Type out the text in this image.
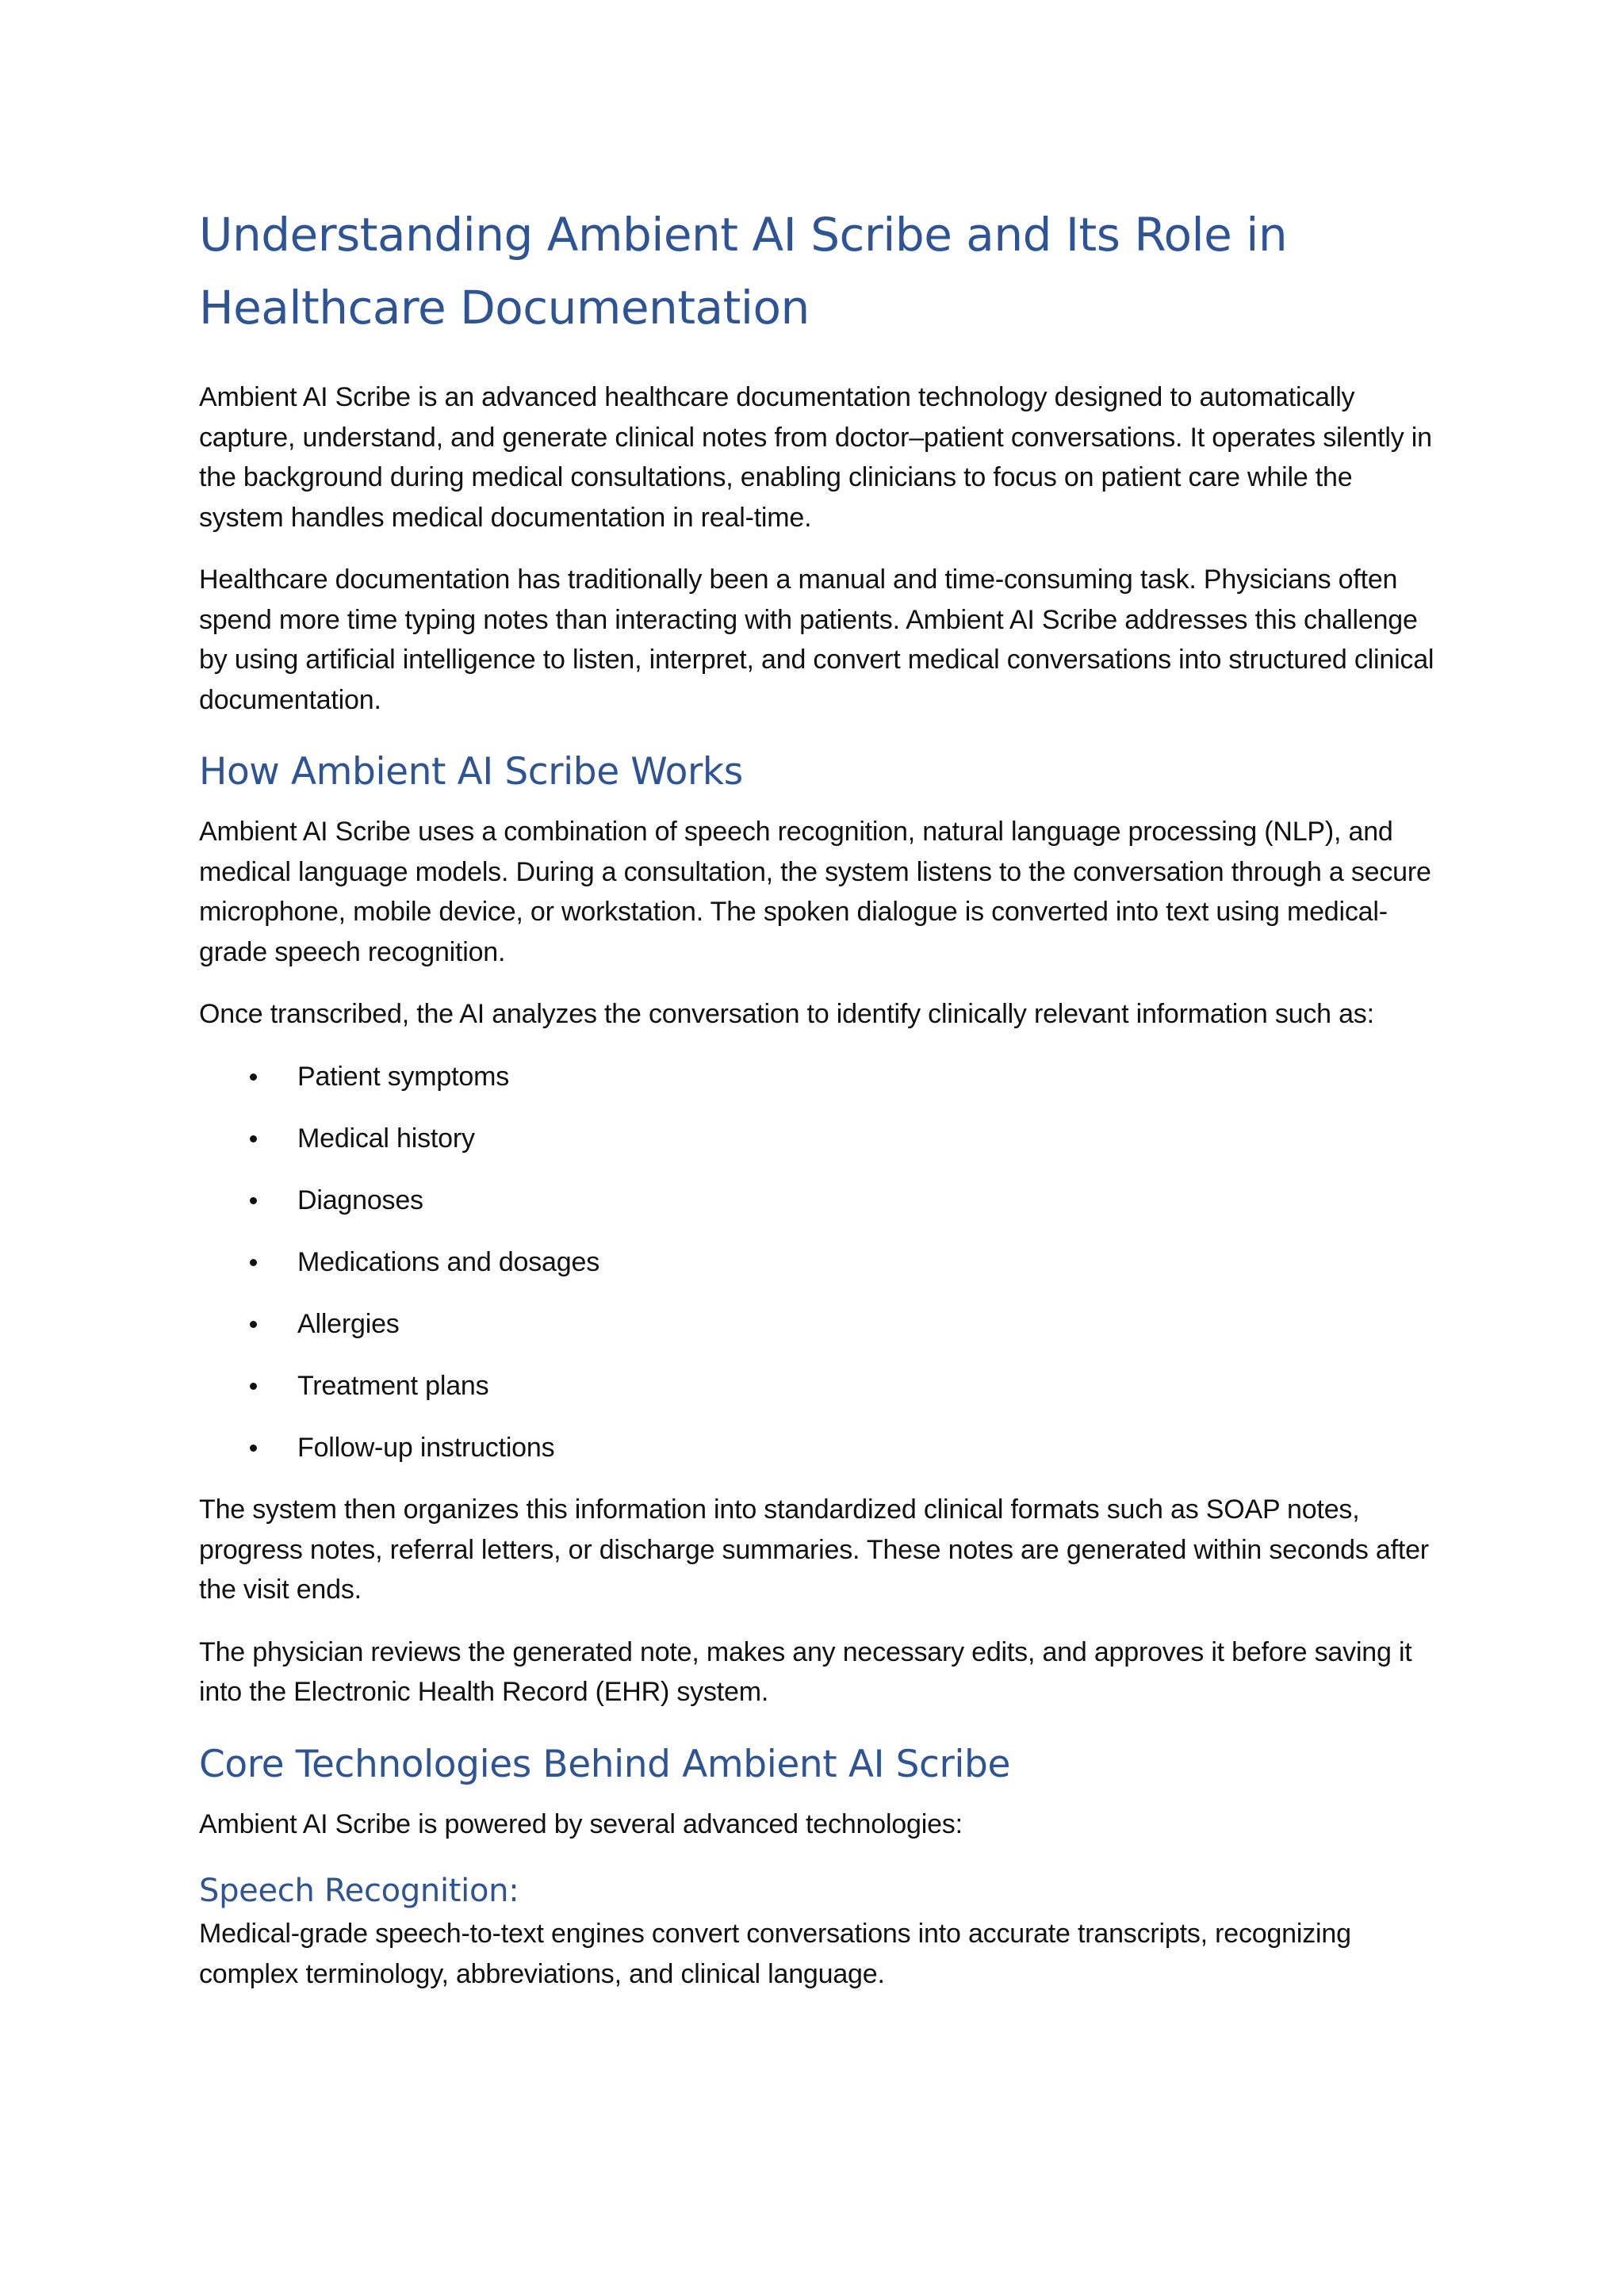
Understanding Ambient AI Scribe and Its Role in Healthcare Documentation

Ambient AI Scribe is an advanced healthcare documentation technology designed to automatically capture, understand, and generate clinical notes from doctor–patient conversations. It operates silently in the background during medical consultations, enabling clinicians to focus on patient care while the system handles medical documentation in real-time.

Healthcare documentation has traditionally been a manual and time-consuming task. Physicians often spend more time typing notes than interacting with patients. Ambient AI Scribe addresses this challenge by using artificial intelligence to listen, interpret, and convert medical conversations into structured clinical documentation.

How Ambient AI Scribe Works

Ambient AI Scribe uses a combination of speech recognition, natural language processing (NLP), and medical language models. During a consultation, the system listens to the conversation through a secure microphone, mobile device, or workstation. The spoken dialogue is converted into text using medical-grade speech recognition.

Once transcribed, the AI analyzes the conversation to identify clinically relevant information such as:

Patient symptoms
Medical history
Diagnoses
Medications and dosages
Allergies
Treatment plans
Follow-up instructions

The system then organizes this information into standardized clinical formats such as SOAP notes, progress notes, referral letters, or discharge summaries. These notes are generated within seconds after the visit ends.

The physician reviews the generated note, makes any necessary edits, and approves it before saving it into the Electronic Health Record (EHR) system.

Core Technologies Behind Ambient AI Scribe

Ambient AI Scribe is powered by several advanced technologies:

Speech Recognition:

Medical-grade speech-to-text engines convert conversations into accurate transcripts, recognizing complex terminology, abbreviations, and clinical language.
